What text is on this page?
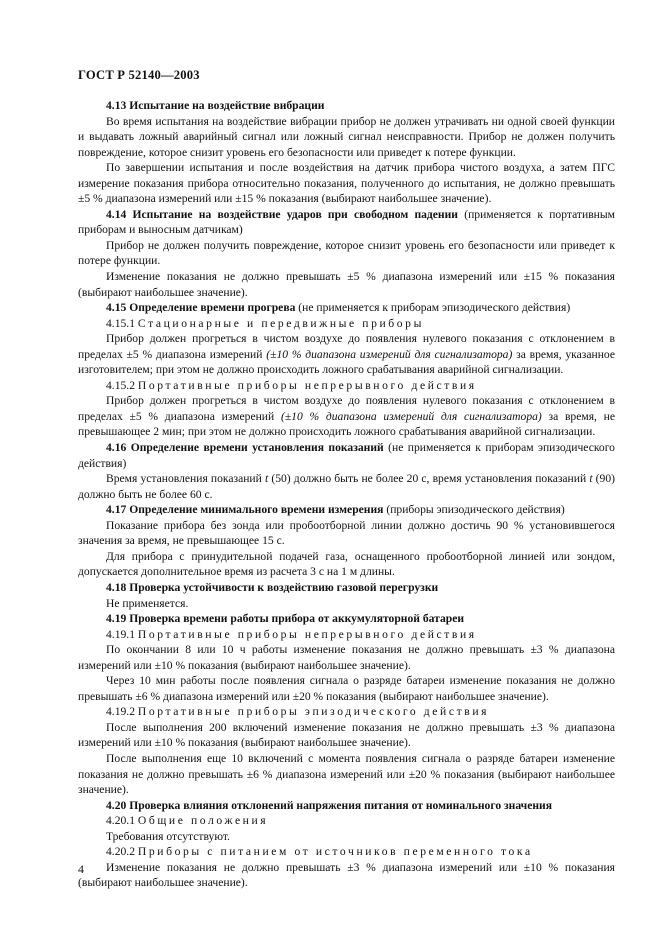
ГОСТ Р 52140—2003

4.13 Испытание на воздействие вибрации

Во время испытания на воздействие вибрации прибор не должен утрачивать ни одной своей функции и выдавать ложный аварийный сигнал или ложный сигнал неисправности. Прибор не должен получить повреждение, которое снизит уровень его безопасности или приведет к потере функции.

По завершении испытания и после воздействия на датчик прибора чистого воздуха, а затем ПГС измерение показания прибора относительно показания, полученного до испытания, не должно превышать ±5 % диапазона измерений или ±15 % показания (выбирают наибольшее значение).

4.14 Испытание на воздействие ударов при свободном падении (применяется к портативным приборам и выносным датчикам)

Прибор не должен получить повреждение, которое снизит уровень его безопасности или приведет к потере функции.

Изменение показания не должно превышать ±5 % диапазона измерений или ±15 % показания (выбирают наибольшее значение).

4.15 Определение времени прогрева (не применяется к приборам эпизодического действия)

4.15.1 Стационарные и передвижные приборы

Прибор должен прогреться в чистом воздухе до появления нулевого показания с отклонением в пределах ±5 % диапазона измерений (±10 % диапазона измерений для сигнализатора) за время, указанное изготовителем; при этом не должно происходить ложного срабатывания аварийной сигнализации.

4.15.2 Портативные приборы непрерывного действия

Прибор должен прогреться в чистом воздухе до появления нулевого показания с отклонением в пределах ±5 % диапазона измерений (±10 % диапазона измерений для сигнализатора) за время, не превышающее 2 мин; при этом не должно происходить ложного срабатывания аварийной сигнализации.

4.16 Определение времени установления показаний (не применяется к приборам эпизодического действия)

Время установления показаний t (50) должно быть не более 20 с, время установления показаний t (90) должно быть не более 60 с.

4.17 Определение минимального времени измерения (приборы эпизодического действия)

Показание прибора без зонда или пробоотборной линии должно достичь 90 % установившегося значения за время, не превышающее 15 с.

Для прибора с принудительной подачей газа, оснащенного пробоотборной линией или зондом, допускается дополнительное время из расчета 3 с на 1 м длины.

4.18 Проверка устойчивости к воздействию газовой перегрузки

Не применяется.

4.19 Проверка времени работы прибора от аккумуляторной батареи

4.19.1 Портативные приборы непрерывного действия

По окончании 8 или 10 ч работы изменение показания не должно превышать ±3 % диапазона измерений или ±10 % показания (выбирают наибольшее значение).

Через 10 мин работы после появления сигнала о разряде батареи изменение показания не должно превышать ±6 % диапазона измерений или ±20 % показания (выбирают наибольшее значение).

4.19.2 Портативные приборы эпизодического действия

После выполнения 200 включений изменение показания не должно превышать ±3 % диапазона измерений или ±10 % показания (выбирают наибольшее значение).

После выполнения еще 10 включений с момента появления сигнала о разряде батареи изменение показания не должно превышать ±6 % диапазона измерений или ±20 % показания (выбирают наибольшее значение).

4.20 Проверка влияния отклонений напряжения питания от номинального значения

4.20.1 Общие положения

Требования отсутствуют.

4.20.2 Приборы с питанием от источников переменного тока

Изменение показания не должно превышать ±3 % диапазона измерений или ±10 % показания (выбирают наибольшее значение).

4
